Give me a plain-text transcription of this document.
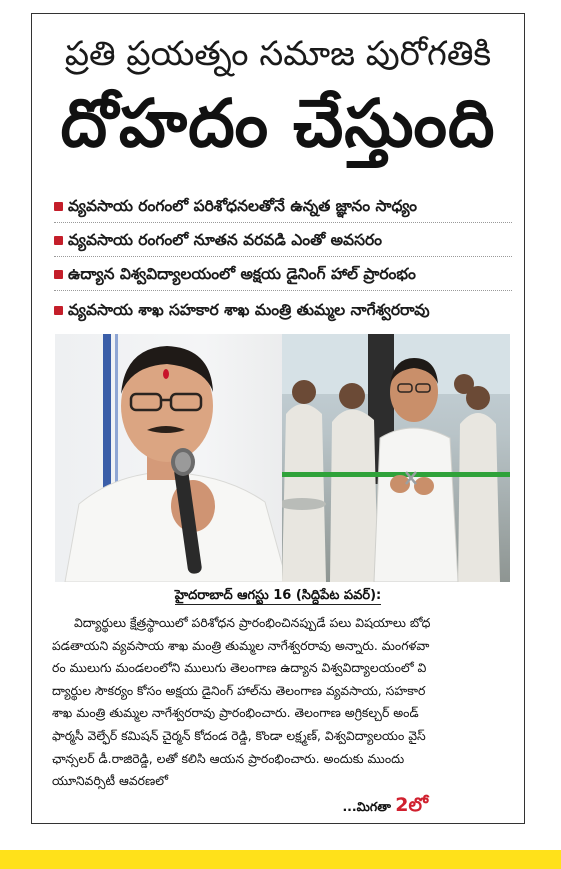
ప్రతి ప్రయత్నం సమాజ పురోగతికి
దోహదం చేస్తుంది
వ్యవసాయ రంగంలో పరిశోధనలతోనే ఉన్నత జ్ఞానం సాధ్యం
వ్యవసాయ రంగంలో నూతన వరవడి ఎంతో అవసరం
ఉద్యాన విశ్వవిద్యాలయంలో అక్షయ డైనింగ్ హాల్ ప్రారంభం
వ్యవసాయ శాఖ సహకార శాఖ మంత్రి తుమ్మల నాగేశ్వరరావు
హైదరాబాద్ ఆగస్టు 16 (సిద్దిపేట పవర్):

విద్యార్థులు క్షేత్రస్థాయిలో పరిశోధన ప్రారంభించినప్పుడే పలు విషయాలు బోధ

పడతాయని వ్యవసాయ శాఖ మంత్రి తుమ్మల నాగేశ్వరరావు అన్నారు. మంగళవా

రం ములుగు మండలంలోని ములుగు తెలంగాణ ఉద్యాన విశ్వవిద్యాలయంలో వి

ద్యార్థుల సౌకర్యం కోసం అక్షయ డైనింగ్ హాల్‌ను తెలంగాణ వ్యవసాయ, సహకార

శాఖ మంత్రి తుమ్మల నాగేశ్వరరావు ప్రారంభించారు. తెలంగాణ అగ్రికల్చర్ అండ్

ఫార్మసీ వెల్ఫేర్ కమిషన్ చైర్మన్ కోదండ రెడ్డి, కొండా లక్ష్మణ్, విశ్వవిద్యాలయం వైస్

ఛాన్సలర్ డీ.రాజిరెడ్డి, లతో కలిసి ఆయన ప్రారంభించారు. అందుకు ముందు

యూనివర్సిటీ ఆవరణలో

...మిగతా 2లో
